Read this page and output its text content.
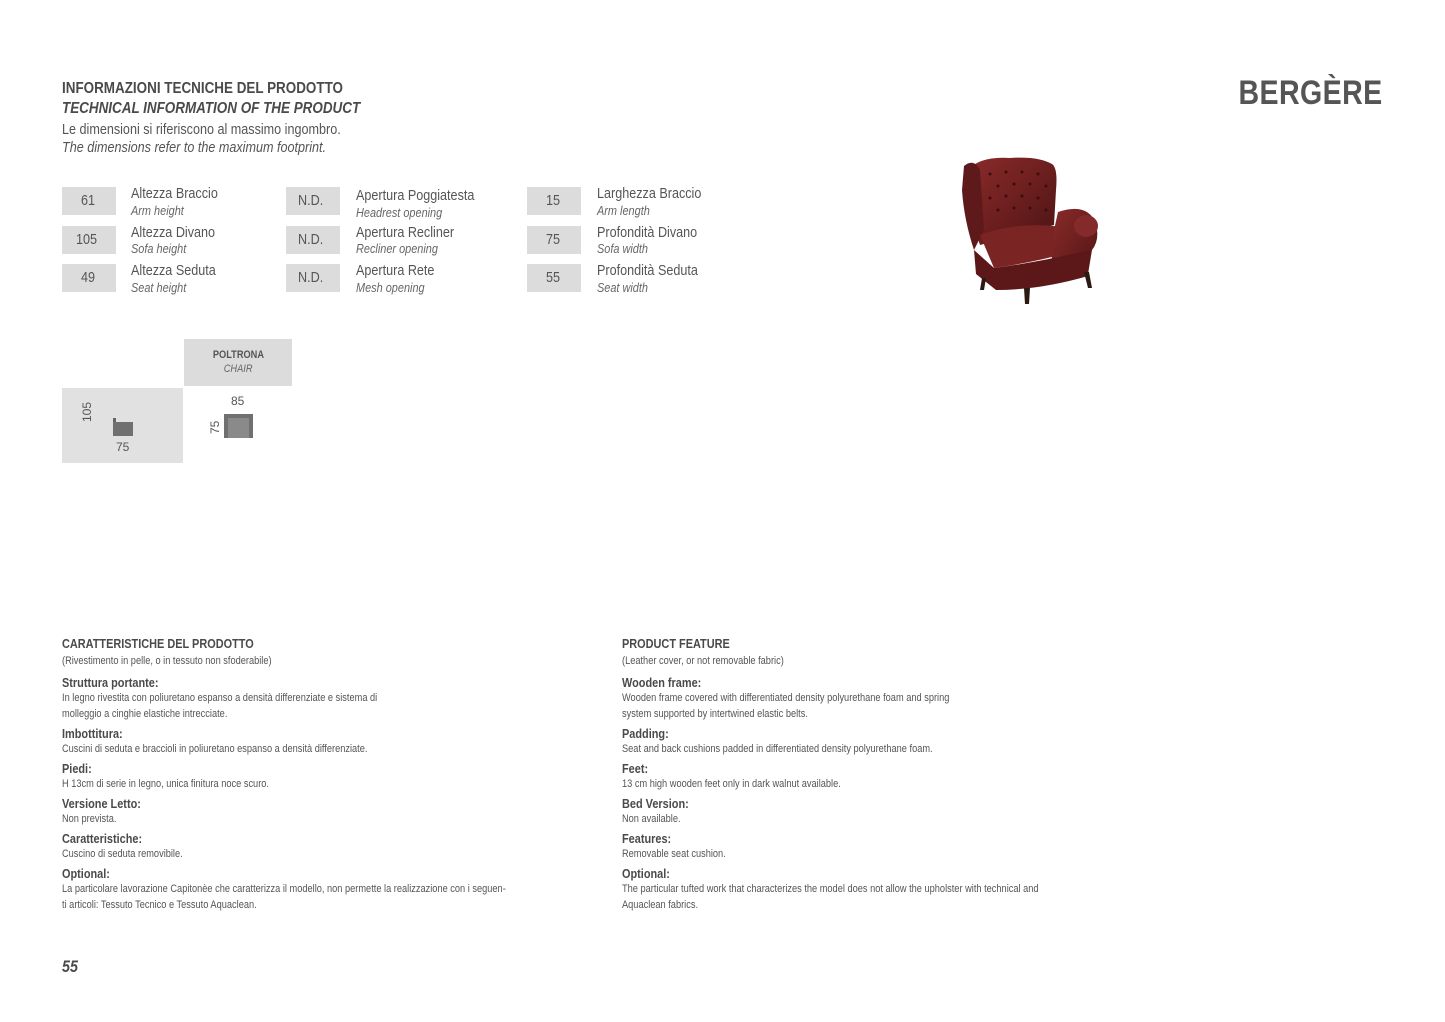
INFORMAZIONI TECNICHE DEL PRODOTTO
TECHNICAL INFORMATION OF THE PRODUCT
Le dimensioni si riferiscono al massimo ingombro.
The dimensions refer to the maximum footprint.
BERGÈRE
61	Altezza Braccio
Arm height
105	Altezza Divano
Sofa height
49	Altezza Seduta
Seat height
N.D.	Apertura Poggiatesta
Headrest opening
N.D.	Apertura Recliner
Recliner opening
N.D.	Apertura Rete
Mesh opening
15	Larghezza Braccio
Arm length
75	Profondità Divano
Sofa width
55	Profondità Seduta
Seat width
POLTRONA
CHAIR
105
75
85
75

CARATTERISTICHE DEL PRODOTTO

(Rivestimento in pelle, o in tessuto non sfoderabile)

Struttura portante:
In legno rivestita con poliuretano espanso a densità differenziate e sistema di
molleggio a cinghie elastiche intrecciate.
Imbottitura:
Cuscini di seduta e braccioli in poliuretano espanso a densità differenziate.
Piedi:
H 13cm di serie in legno, unica finitura noce scuro.
Versione Letto:
Non prevista.
Caratteristiche:
Cuscino di seduta removibile.
Optional:
La particolare lavorazione Capitonèe che caratterizza il modello, non permette la realizzazione con i seguen-
ti articoli: Tessuto Tecnico e Tessuto Aquaclean.

PRODUCT FEATURE

(Leather cover, or not removable fabric)

Wooden frame:
Wooden frame covered with differentiated density polyurethane foam and spring
system supported by intertwined elastic belts.
Padding:
Seat and back cushions padded in differentiated density polyurethane foam.
Feet:
13 cm high wooden feet only in dark walnut available.
Bed Version:
Non available.
Features:
Removable seat cushion.
Optional:
The particular tufted work that characterizes the model does not allow the upholster with technical and
Aquaclean fabrics.
55
